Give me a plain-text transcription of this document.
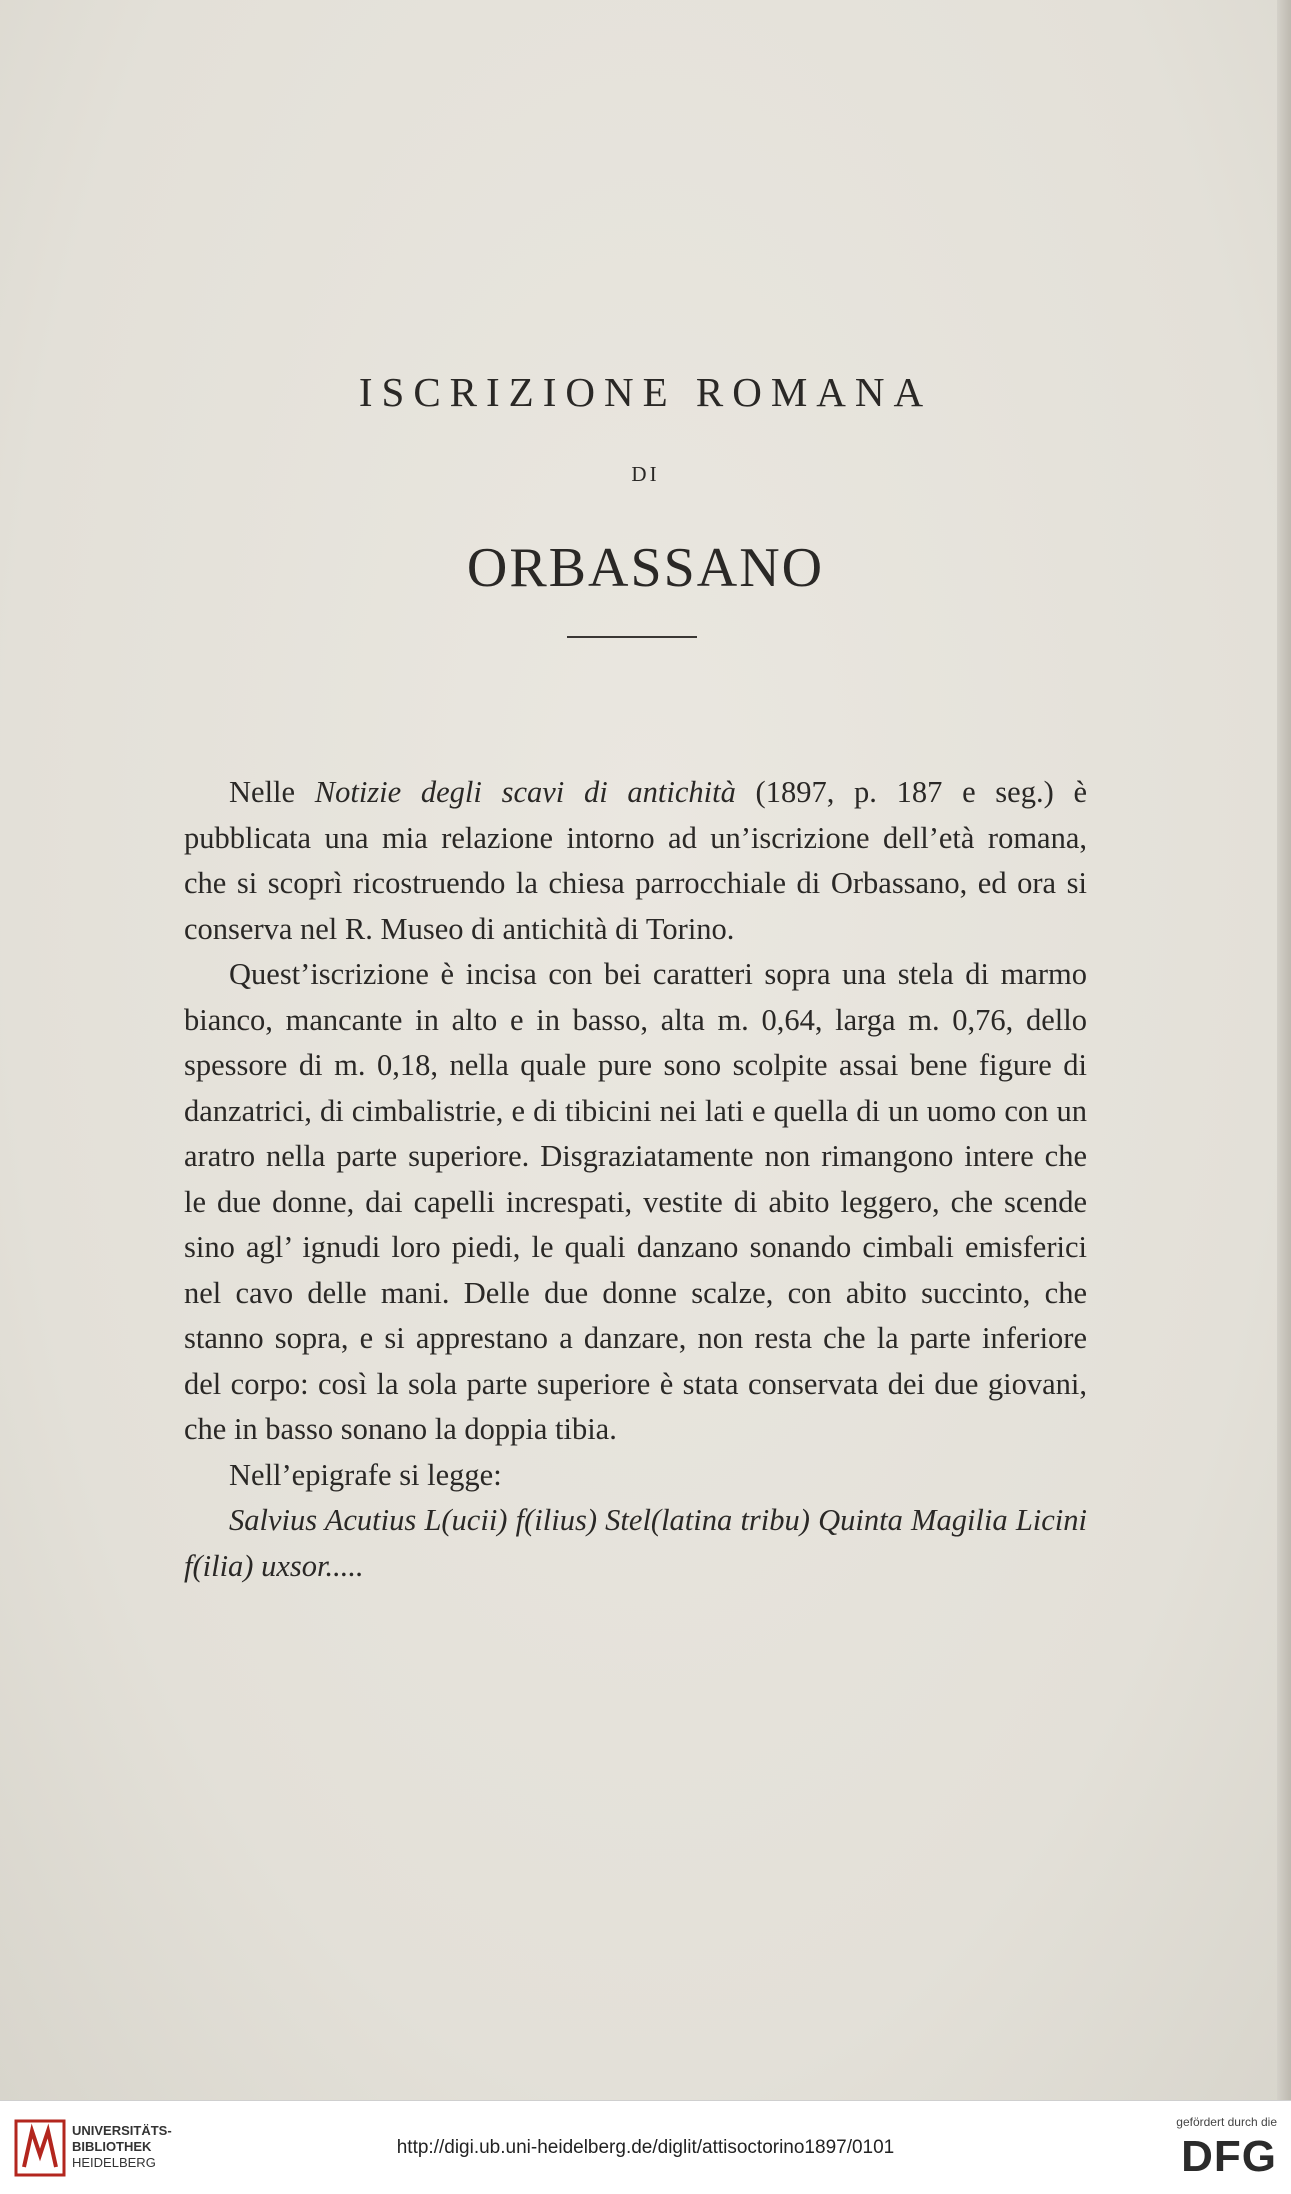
ISCRIZIONE ROMANA
DI
ORBASSANO

Nelle Notizie degli scavi di antichità (1897, p. 187 e seg.) è pubblicata una mia relazione intorno ad un’iscrizione dell’età romana, che si scoprì ricostruendo la chiesa parrocchiale di Orbassano, ed ora si conserva nel R. Museo di antichità di Torino.

Quest’iscrizione è incisa con bei caratteri sopra una stela di marmo bianco, mancante in alto e in basso, alta m. 0,64, larga m. 0,76, dello spessore di m. 0,18, nella quale pure sono scolpite assai bene figure di danzatrici, di cimbalistrie, e di tibicini nei lati e quella di un uomo con un aratro nella parte superiore. Disgraziatamente non rimangono intere che le due donne, dai capelli increspati, vestite di abito leggero, che scende sino agl’ ignudi loro piedi, le quali danzano sonando cimbali emisferici nel cavo delle mani. Delle due donne scalze, con abito succinto, che stanno sopra, e si apprestano a danzare, non resta che la parte inferiore del corpo: così la sola parte superiore è stata conservata dei due giovani, che in basso sonano la doppia tibia.

Nell’epigrafe si legge:

Salvius Acutius L(ucii) f(ilius) Stel(latina tribu) Quinta Magilia Licini f(ilia) uxsor.....

UNIVERSITÄTS-
BIBLIOTHEK
HEIDELBERG
http://digi.ub.uni-heidelberg.de/diglit/attisoctorino1897/0101
gefördert durch die
DFG
